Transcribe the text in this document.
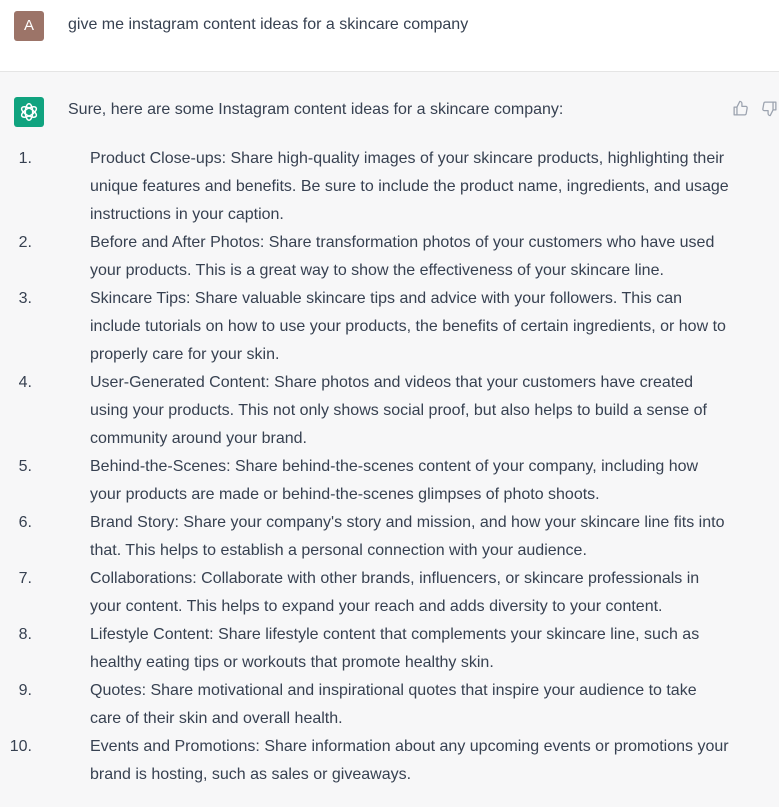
A	give me instagram content ideas for a skincare company

Sure, here are some Instagram content ideas for a skincare company:

1.	Product Close-ups: Share high-quality images of your skincare products, highlighting their unique features and benefits. Be sure to include the product name, ingredients, and usage instructions in your caption.
2.	Before and After Photos: Share transformation photos of your customers who have used your products. This is a great way to show the effectiveness of your skincare line.
3.	Skincare Tips: Share valuable skincare tips and advice with your followers. This can include tutorials on how to use your products, the benefits of certain ingredients, or how to properly care for your skin.
4.	User-Generated Content: Share photos and videos that your customers have created using your products. This not only shows social proof, but also helps to build a sense of community around your brand.
5.	Behind-the-Scenes: Share behind-the-scenes content of your company, including how your products are made or behind-the-scenes glimpses of photo shoots.
6.	Brand Story: Share your company's story and mission, and how your skincare line fits into that. This helps to establish a personal connection with your audience.
7.	Collaborations: Collaborate with other brands, influencers, or skincare professionals in your content. This helps to expand your reach and adds diversity to your content.
8.	Lifestyle Content: Share lifestyle content that complements your skincare line, such as healthy eating tips or workouts that promote healthy skin.
9.	Quotes: Share motivational and inspirational quotes that inspire your audience to take care of their skin and overall health.
10.	Events and Promotions: Share information about any upcoming events or promotions your brand is hosting, such as sales or giveaways.
